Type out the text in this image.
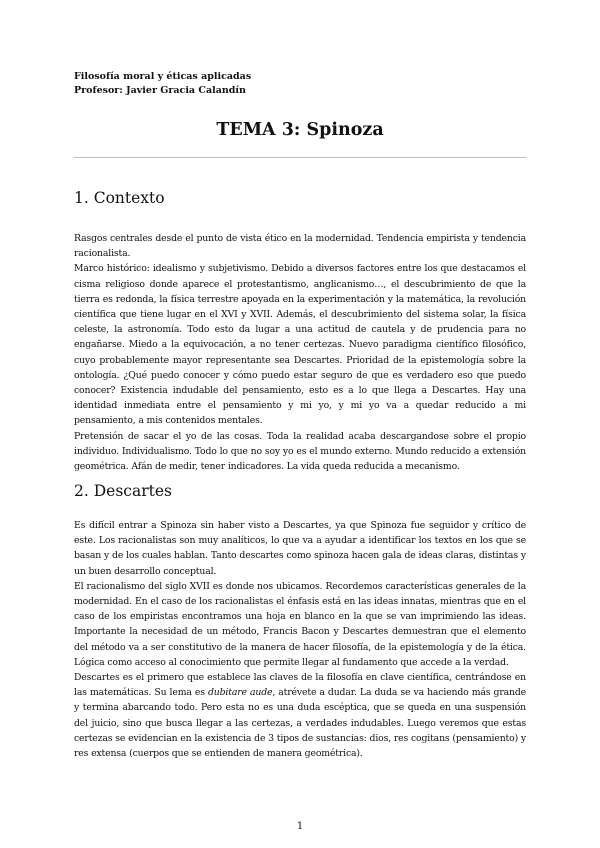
Filosofía moral y éticas aplicadas
Profesor: Javier Gracia Calandín
TEMA 3: Spinoza
1. Contexto

Rasgos centrales desde el punto de vista ético en la modernidad. Tendencia empirista y tendencia racionalista.

Marco histórico: idealismo y subjetivismo. Debido a diversos factores entre los que destacamos el cisma religioso donde aparece el protestantismo, anglicanismo…, el descubrimiento de que la tierra es redonda, la física terrestre apoyada en la experimentación y la matemática, la revolución científica que tiene lugar en el XVI y XVII. Además, el descubrimiento del sistema solar, la física celeste, la astronomía. Todo esto da lugar a una actitud de cautela y de prudencia para no engañarse. Miedo a la equivocación, a no tener certezas. Nuevo paradigma científico filosófico, cuyo probablemente mayor representante sea Descartes. Prioridad de la epistemología sobre la ontología. ¿Qué puedo conocer y cómo puedo estar seguro de que es verdadero eso que puedo conocer? Existencia indudable del pensamiento, esto es a lo que llega a Descartes. Hay una identidad inmediata entre el pensamiento y mi yo, y mi yo va a quedar reducido a mi pensamiento, a mis contenidos mentales.

Pretensión de sacar el yo de las cosas. Toda la realidad acaba descargandose sobre el propio individuo. Individualismo. Todo lo que no soy yo es el mundo externo. Mundo reducido a extensión geométrica. Afán de medir, tener indicadores. La vida queda reducida a mecanismo.

2. Descartes

Es difícil entrar a Spinoza sin haber visto a Descartes, ya que Spinoza fue seguidor y crítico de este. Los racionalistas son muy analíticos, lo que va a ayudar a identificar los textos en los que se basan y de los cuales hablan. Tanto descartes como spinoza hacen gala de ideas claras, distintas y un buen desarrollo conceptual.

El racionalismo del siglo XVII es donde nos ubicamos. Recordemos características generales de la modernidad. En el caso de los racionalistas el énfasis está en las ideas innatas, mientras que en el caso de los empiristas encontramos una hoja en blanco en la que se van imprimiendo las ideas. Importante la necesidad de un método, Francis Bacon y Descartes demuestran que el elemento del método va a ser constitutivo de la manera de hacer filosofía, de la epistemología y de la ética. Lógica como acceso al conocimiento que permite llegar al fundamento que accede a la verdad.

Descartes es el primero que establece las claves de la filosofía en clave científica, centrándose en las matemáticas. Su lema es dubitare aude, atrévete a dudar. La duda se va haciendo más grande y termina abarcando todo. Pero esta no es una duda escéptica, que se queda en una suspensión del juicio, sino que busca llegar a las certezas, a verdades indudables. Luego veremos que estas certezas se evidencian en la existencia de 3 tipos de sustancias: dios, res cogitans (pensamiento) y res extensa (cuerpos que se entienden de manera geométrica).

1
